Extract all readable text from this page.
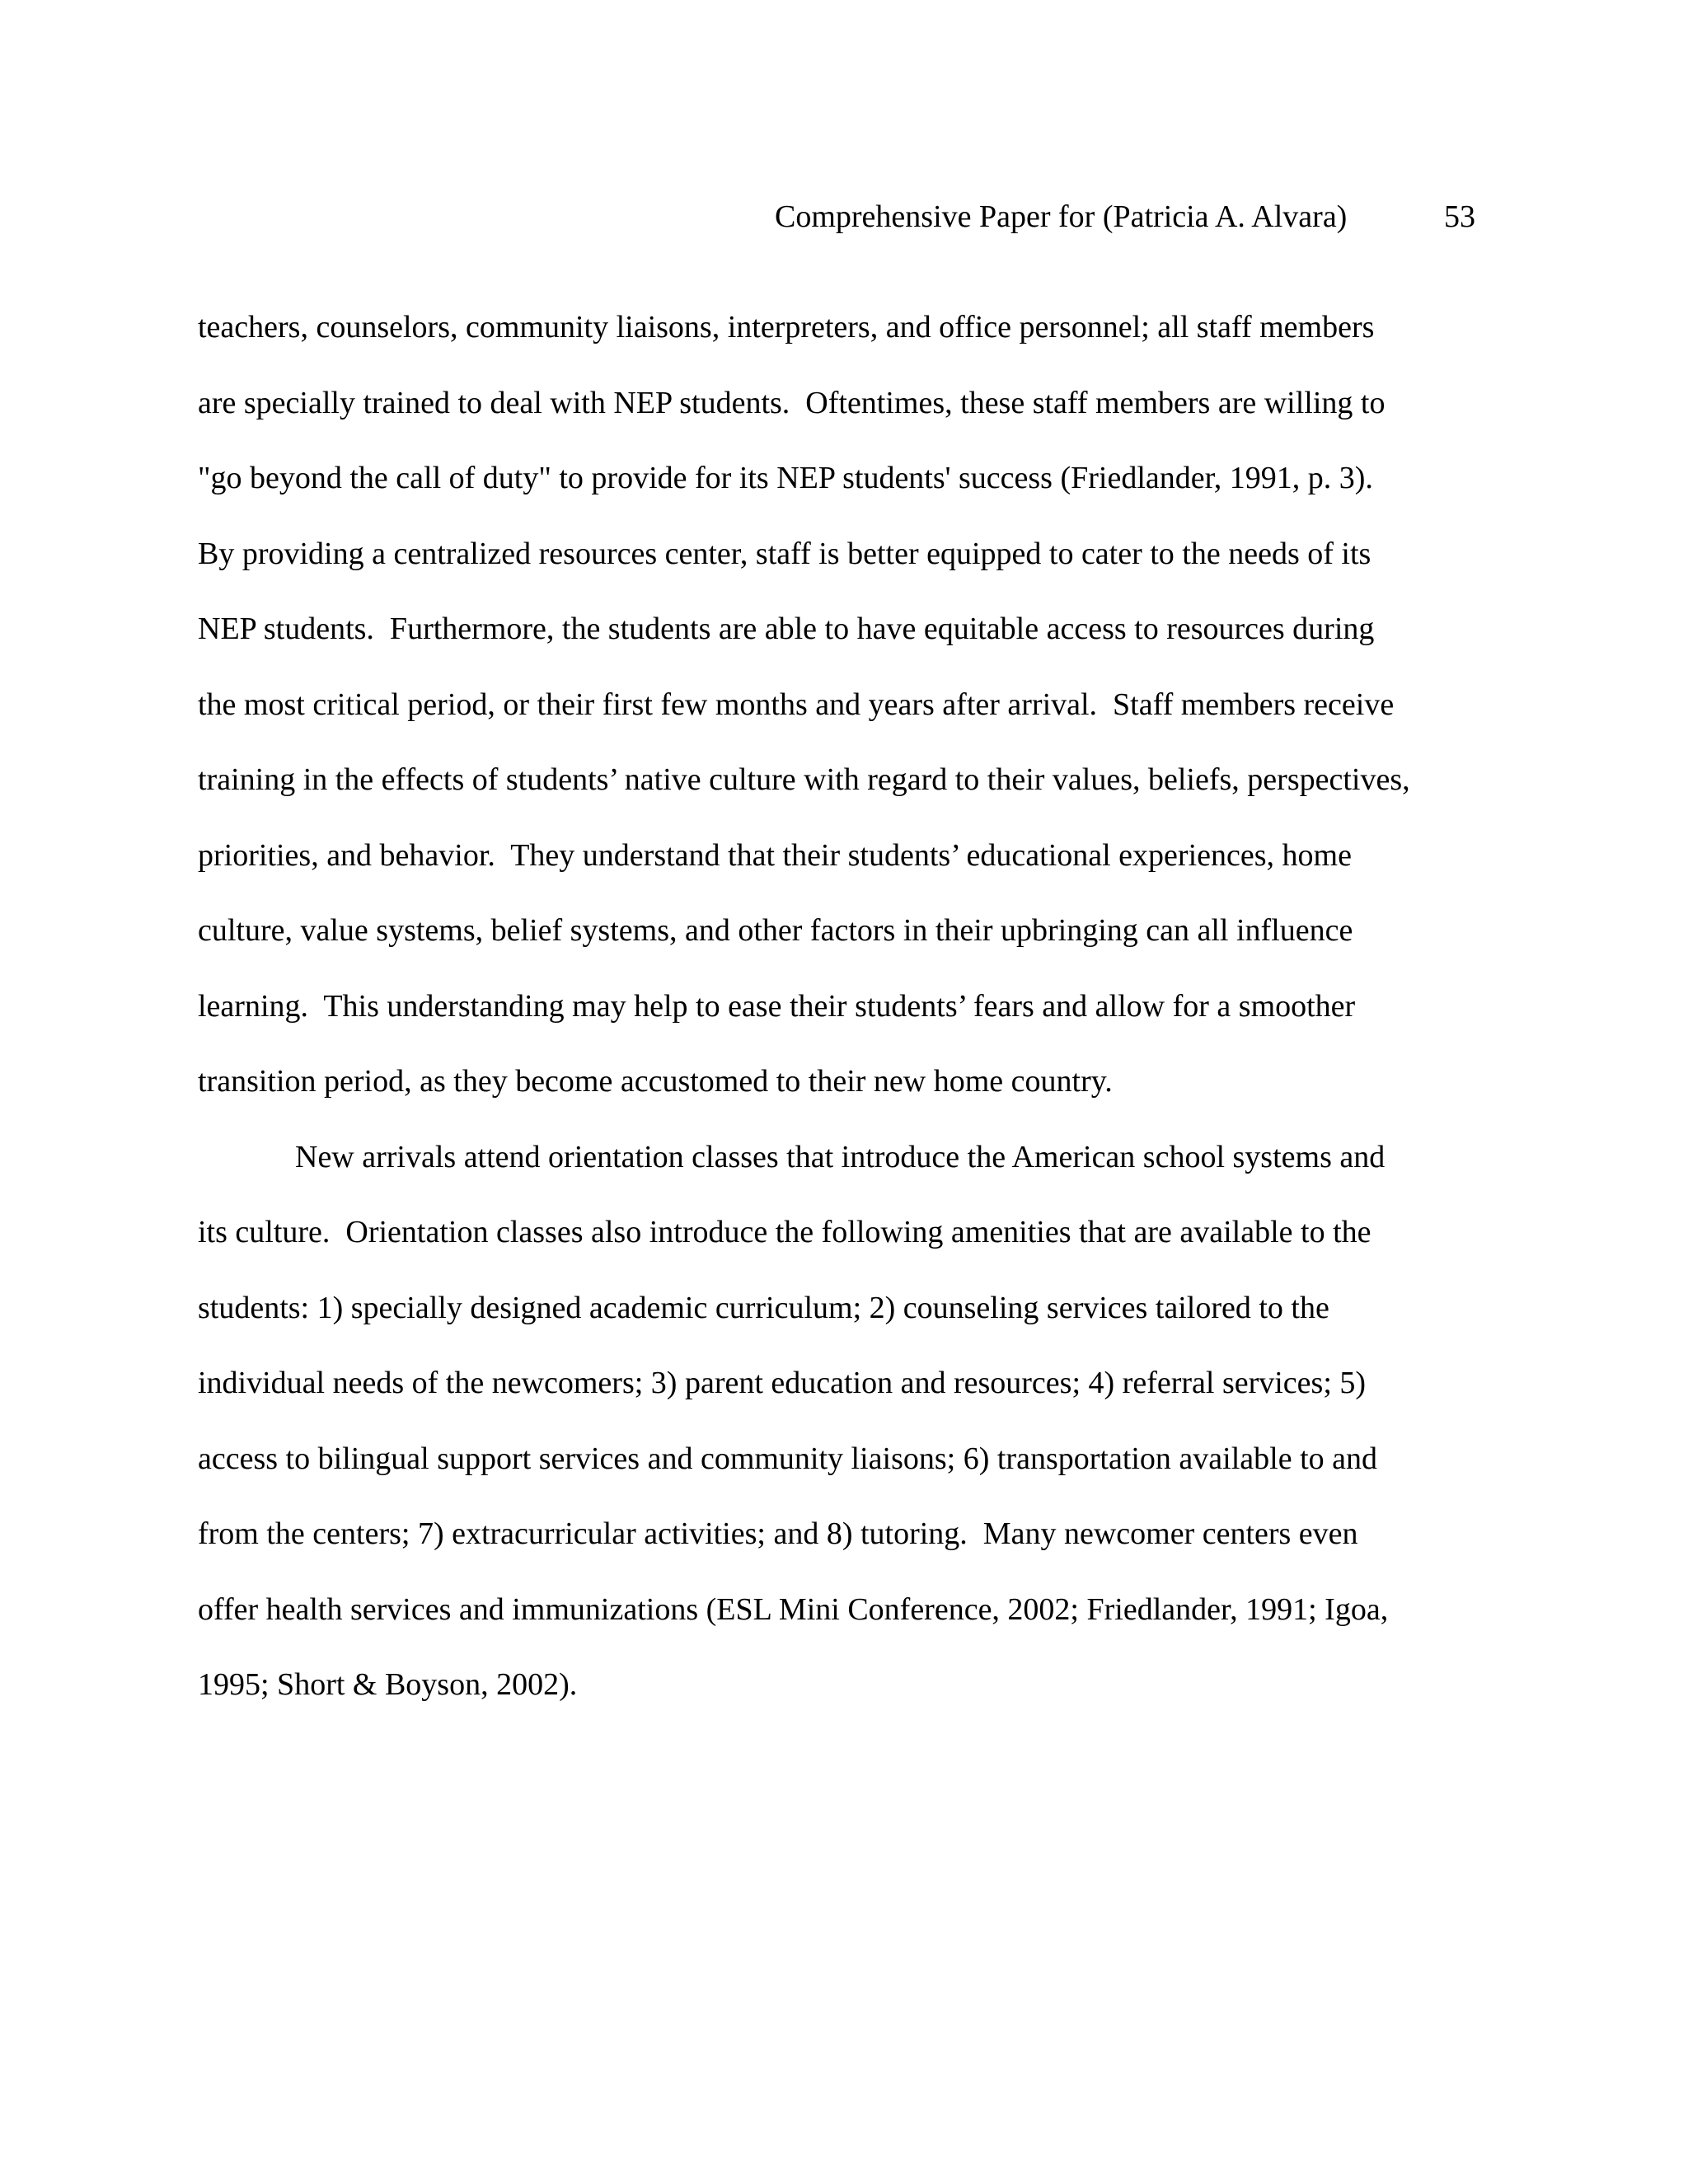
Comprehensive Paper for (Patricia A. Alvara)	53
teachers, counselors, community liaisons, interpreters, and office personnel; all staff members
are specially trained to deal with NEP students.  Oftentimes, these staff members are willing to
"go beyond the call of duty" to provide for its NEP students' success (Friedlander, 1991, p. 3).
By providing a centralized resources center, staff is better equipped to cater to the needs of its
NEP students.  Furthermore, the students are able to have equitable access to resources during
the most critical period, or their first few months and years after arrival.  Staff members receive
training in the effects of students’ native culture with regard to their values, beliefs, perspectives,
priorities, and behavior.  They understand that their students’ educational experiences, home
culture, value systems, belief systems, and other factors in their upbringing can all influence
learning.  This understanding may help to ease their students’ fears and allow for a smoother
transition period, as they become accustomed to their new home country.
New arrivals attend orientation classes that introduce the American school systems and
its culture.  Orientation classes also introduce the following amenities that are available to the
students: 1) specially designed academic curriculum; 2) counseling services tailored to the
individual needs of the newcomers; 3) parent education and resources; 4) referral services; 5)
access to bilingual support services and community liaisons; 6) transportation available to and
from the centers; 7) extracurricular activities; and 8) tutoring.  Many newcomer centers even
offer health services and immunizations (ESL Mini Conference, 2002; Friedlander, 1991; Igoa,
1995; Short & Boyson, 2002).
